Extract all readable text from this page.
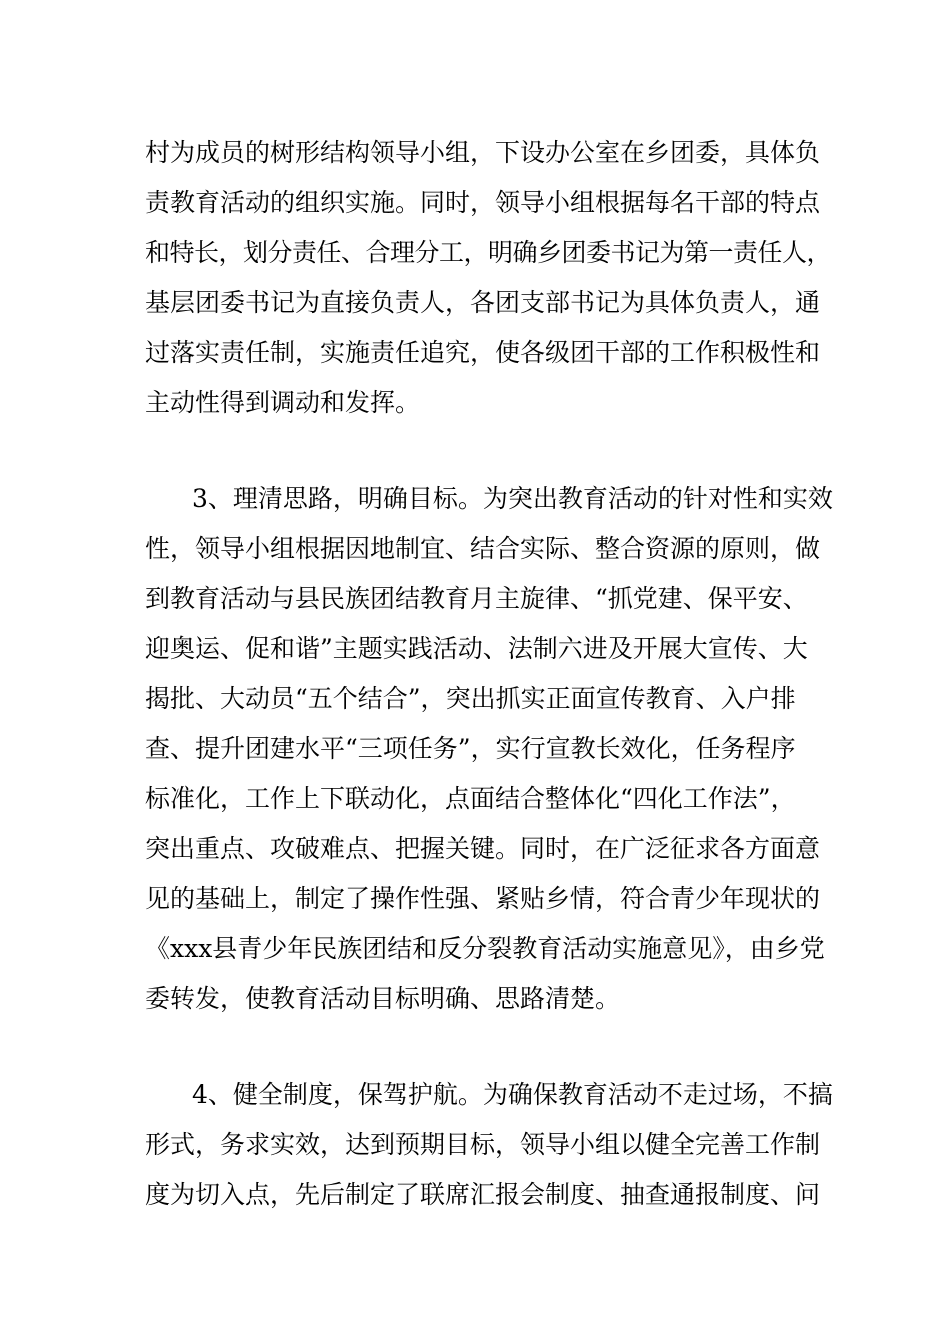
村为成员的树形结构领导小组，下设办公室在乡团委，具体负
责教育活动的组织实施。同时，领导小组根据每名干部的特点
和特长，划分责任、合理分工，明确乡团委书记为第一责任人，
基层团委书记为直接负责人，各团支部书记为具体负责人，通
过落实责任制，实施责任追究，使各级团干部的工作积极性和
主动性得到调动和发挥。
3、理清思路，明确目标。为突出教育活动的针对性和实效
性，领导小组根据因地制宜、结合实际、整合资源的原则，做
到教育活动与县民族团结教育月主旋律、“抓党建、保平安、
迎奥运、促和谐”主题实践活动、法制六进及开展大宣传、大
揭批、大动员“五个结合”，突出抓实正面宣传教育、入户排
查、提升团建水平“三项任务”，实行宣教长效化，任务程序
标准化，工作上下联动化，点面结合整体化“四化工作法”，
突出重点、攻破难点、把握关键。同时，在广泛征求各方面意
见的基础上，制定了操作性强、紧贴乡情，符合青少年现状的
《xxx县青少年民族团结和反分裂教育活动实施意见》，由乡党
委转发，使教育活动目标明确、思路清楚。
4、健全制度，保驾护航。为确保教育活动不走过场，不搞
形式，务求实效，达到预期目标，领导小组以健全完善工作制
度为切入点，先后制定了联席汇报会制度、抽查通报制度、问
